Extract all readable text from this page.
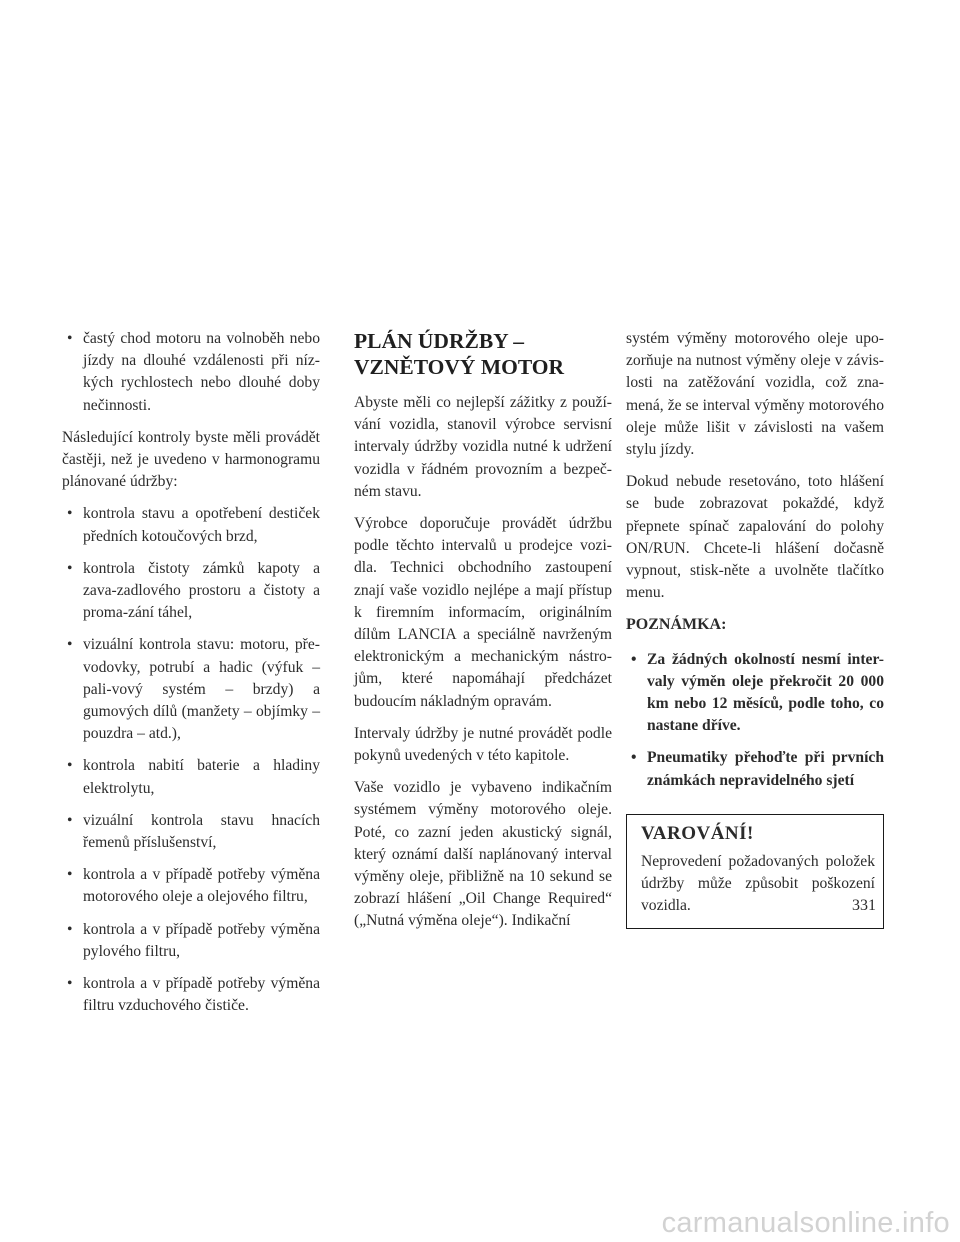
• častý chod motoru na volnoběh nebo jízdy na dlouhé vzdálenosti při níz-kých rychlostech nebo dlouhé doby nečinnosti.

Následující kontroly byste měli provádět častěji, než je uvedeno v harmonogramu plánované údržby:

• kontrola stavu a opotřebení destiček předních kotoučových brzd,
• kontrola čistoty zámků kapoty a zava-zadlového prostoru a čistoty a proma-zání táhel,
• vizuální kontrola stavu: motoru, pře-vodovky, potrubí a hadic (výfuk – pali-vový systém – brzdy) a gumových dílů (manžety – objímky – pouzdra – atd.),
• kontrola nabití baterie a hladiny elektrolytu,
• vizuální kontrola stavu hnacích řemenů příslušenství,
• kontrola a v případě potřeby výměna motorového oleje a olejového filtru,
• kontrola a v případě potřeby výměna pylového filtru,
• kontrola a v případě potřeby výměna filtru vzduchového čističe.
PLÁN ÚDRŽBY –
VZNĚTOVÝ MOTOR

Abyste měli co nejlepší zážitky z použí-vání vozidla, stanovil výrobce servisní intervaly údržby vozidla nutné k udržení vozidla v řádném provozním a bezpeč-ném stavu.

Výrobce doporučuje provádět údržbu podle těchto intervalů u prodejce vozi-dla. Technici obchodního zastoupení znají vaše vozidlo nejlépe a mají přístup k firemním informacím, originálním dílům LANCIA a speciálně navrženým elektronickým a mechanickým nástro-jům, které napomáhají předcházet budoucím nákladným opravám.

Intervaly údržby je nutné provádět podle pokynů uvedených v této kapitole.

Vaše vozidlo je vybaveno indikačním systémem výměny motorového oleje. Poté, co zazní jeden akustický signál, který oznámí další naplánovaný interval výměny oleje, přibližně na 10 sekund se zobrazí hlášení „Oil Change Required“ („Nutná výměna oleje“). Indikační

systém výměny motorového oleje upo-zorňuje na nutnost výměny oleje v závis-losti na zatěžování vozidla, což zna-mená, že se interval výměny motorového oleje může lišit v závislosti na vašem stylu jízdy.

Dokud nebude resetováno, toto hlášení se bude zobrazovat pokaždé, když přepnete spínač zapalování do polohy ON/RUN. Chcete-li hlášení dočasně vypnout, stisk-něte a uvolněte tlačítko menu.

POZNÁMKA:
• Za žádných okolností nesmí inter-valy výměn oleje překročit 20 000 km nebo 12 měsíců, podle toho, co nastane dříve.
• Pneumatiky přehoďte při prvních známkách nepravidelného sjetí
VAROVÁNÍ!

Neprovedení požadovaných položek údržby může způsobit poškození vozidla.	331
carmanualsonline.info
